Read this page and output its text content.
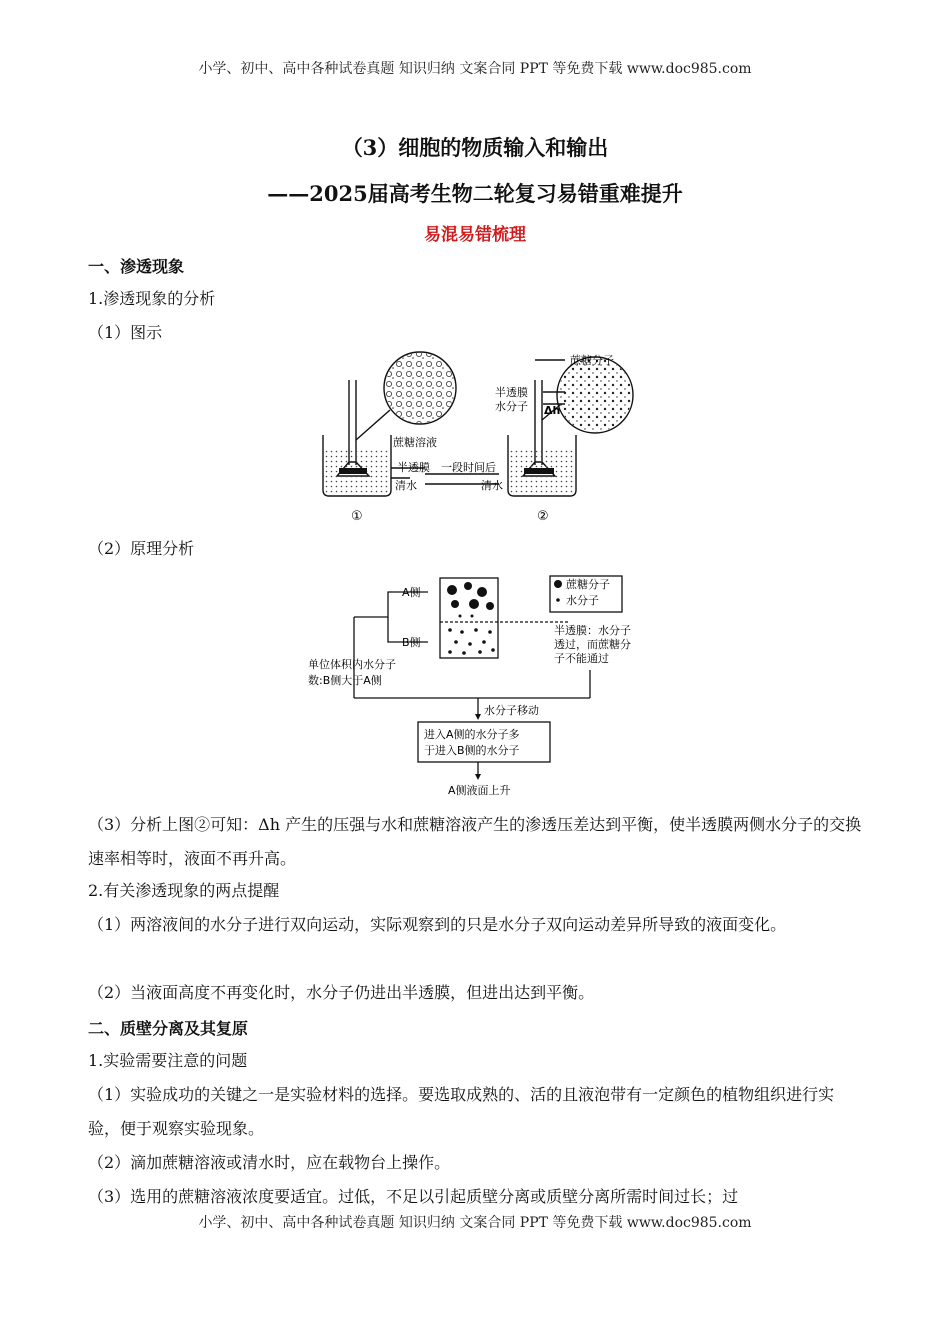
小学、初中、高中各种试卷真题 知识归纳 文案合同 PPT 等免费下载 www.doc985.com
（3）细胞的物质输入和输出
——2025届高考生物二轮复习易错重难提升
易混易错梳理
一、渗透现象
1.渗透现象的分析
（1）图示
蔗糖分子
半透膜
水分子 Δh
蔗糖溶液
半透膜 一段时间后
清水	清水
①	②
（2）原理分析
A侧
B侧
蔗糖分子
水分子
半透膜：水分子
透过，而蔗糖分
子不能通过
单位体积内水分子
数:B侧大于A侧
水分子移动
进入A侧的水分子多
于进入B侧的水分子
A侧液面上升
（3）分析上图②可知：Δh 产生的压强与水和蔗糖溶液产生的渗透压差达到平衡，使半透膜两侧水分子的交换速率相等时，液面不再升高。
2.有关渗透现象的两点提醒
（1）两溶液间的水分子进行双向运动，实际观察到的只是水分子双向运动差异所导致的液面变化。
（2）当液面高度不再变化时，水分子仍进出半透膜，但进出达到平衡。
二、质壁分离及其复原
1.实验需要注意的问题
（1）实验成功的关键之一是实验材料的选择。要选取成熟的、活的且液泡带有一定颜色的植物组织进行实验，便于观察实验现象。
（2）滴加蔗糖溶液或清水时，应在载物台上操作。
（3）选用的蔗糖溶液浓度要适宜。过低，不足以引起质壁分离或质壁分离所需时间过长；过
小学、初中、高中各种试卷真题 知识归纳 文案合同 PPT 等免费下载 www.doc985.com
